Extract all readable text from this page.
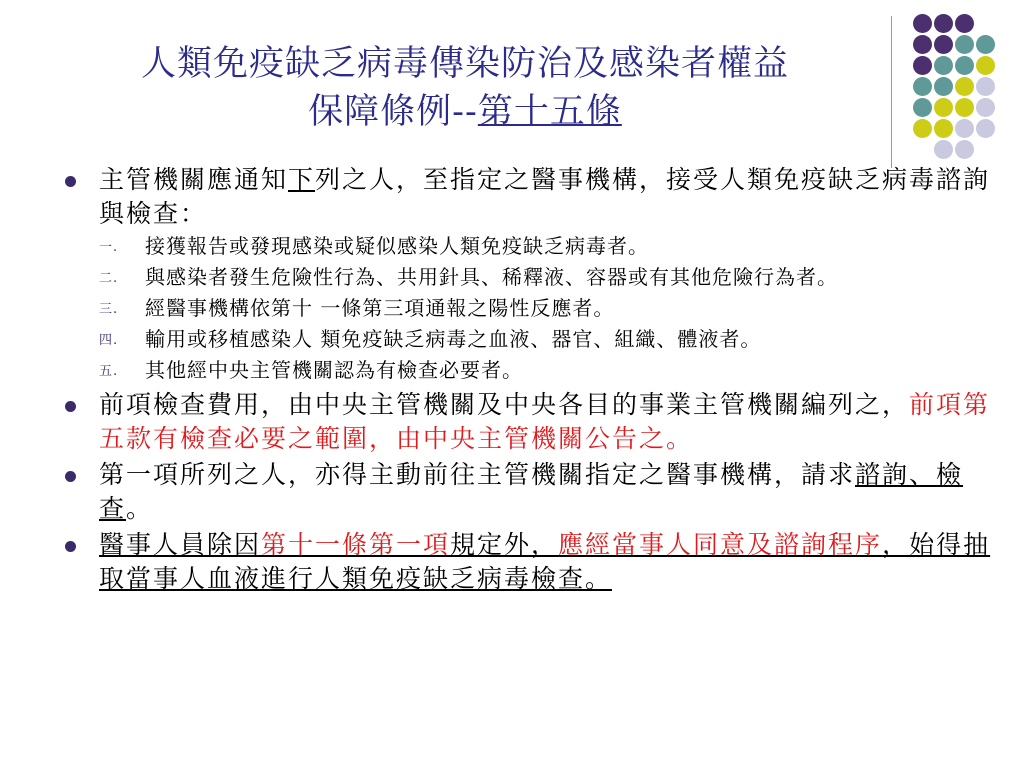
人類免疫缺乏病毒傳染防治及感染者權益
保障條例--第十五條
主管機關應通知下列之人，至指定之醫事機構，接受人類免疫缺乏病毒諮詢與檢查：
一. 接獲報告或發現感染或疑似感染人類免疫缺乏病毒者。
二. 與感染者發生危險性行為、共用針具、稀釋液、容器或有其他危險行為者。
三. 經醫事機構依第十 一條第三項通報之陽性反應者。
四. 輸用或移植感染人 類免疫缺乏病毒之血液、器官、組織、體液者。
五. 其他經中央主管機關認為有檢查必要者。
前項檢查費用，由中央主管機關及中央各目的事業主管機關編列之，前項第五款有檢查必要之範圍，由中央主管機關公告之。
第一項所列之人，亦得主動前往主管機關指定之醫事機構，請求諮詢、檢查。
醫事人員除因第十一條第一項規定外，應經當事人同意及諮詢程序，始得抽取當事人血液進行人類免疫缺乏病毒檢查。
